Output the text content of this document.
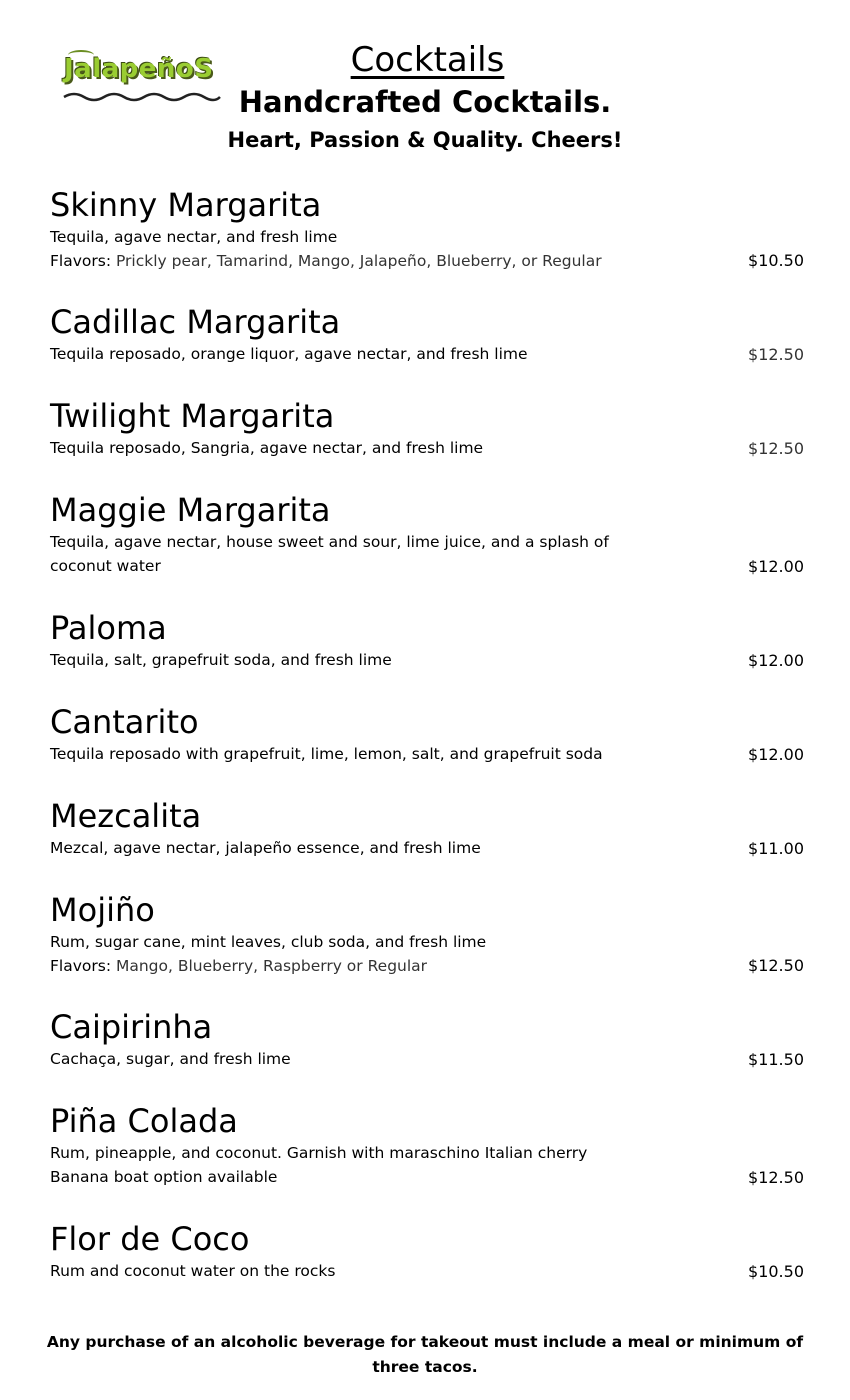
JalapeñoS	Cocktails
Handcrafted Cocktails.
Heart, Passion & Quality. Cheers!
Skinny Margarita
Tequila, agave nectar, and fresh lime
Flavors: Prickly pear, Tamarind, Mango, Jalapeño, Blueberry, or Regular	$10.50
Cadillac Margarita
Tequila reposado, orange liquor, agave nectar, and fresh lime	$12.50
Twilight Margarita
Tequila reposado, Sangria, agave nectar, and fresh lime	$12.50
Maggie Margarita
Tequila, agave nectar, house sweet and sour, lime juice, and a splash of coconut water	$12.00
Paloma
Tequila, salt, grapefruit soda, and fresh lime	$12.00
Cantarito
Tequila reposado with grapefruit, lime, lemon, salt, and grapefruit soda	$12.00
Mezcalita
Mezcal, agave nectar, jalapeño essence, and fresh lime	$11.00
Mojiño
Rum, sugar cane, mint leaves, club soda, and fresh lime
Flavors: Mango, Blueberry, Raspberry or Regular	$12.50
Caipirinha
Cachaça, sugar, and fresh lime	$11.50
Piña Colada
Rum, pineapple, and coconut. Garnish with maraschino Italian cherry
Banana boat option available	$12.50
Flor de Coco
Rum and coconut water on the rocks	$10.50
Any purchase of an alcoholic beverage for takeout must include a meal or minimum of three tacos.
